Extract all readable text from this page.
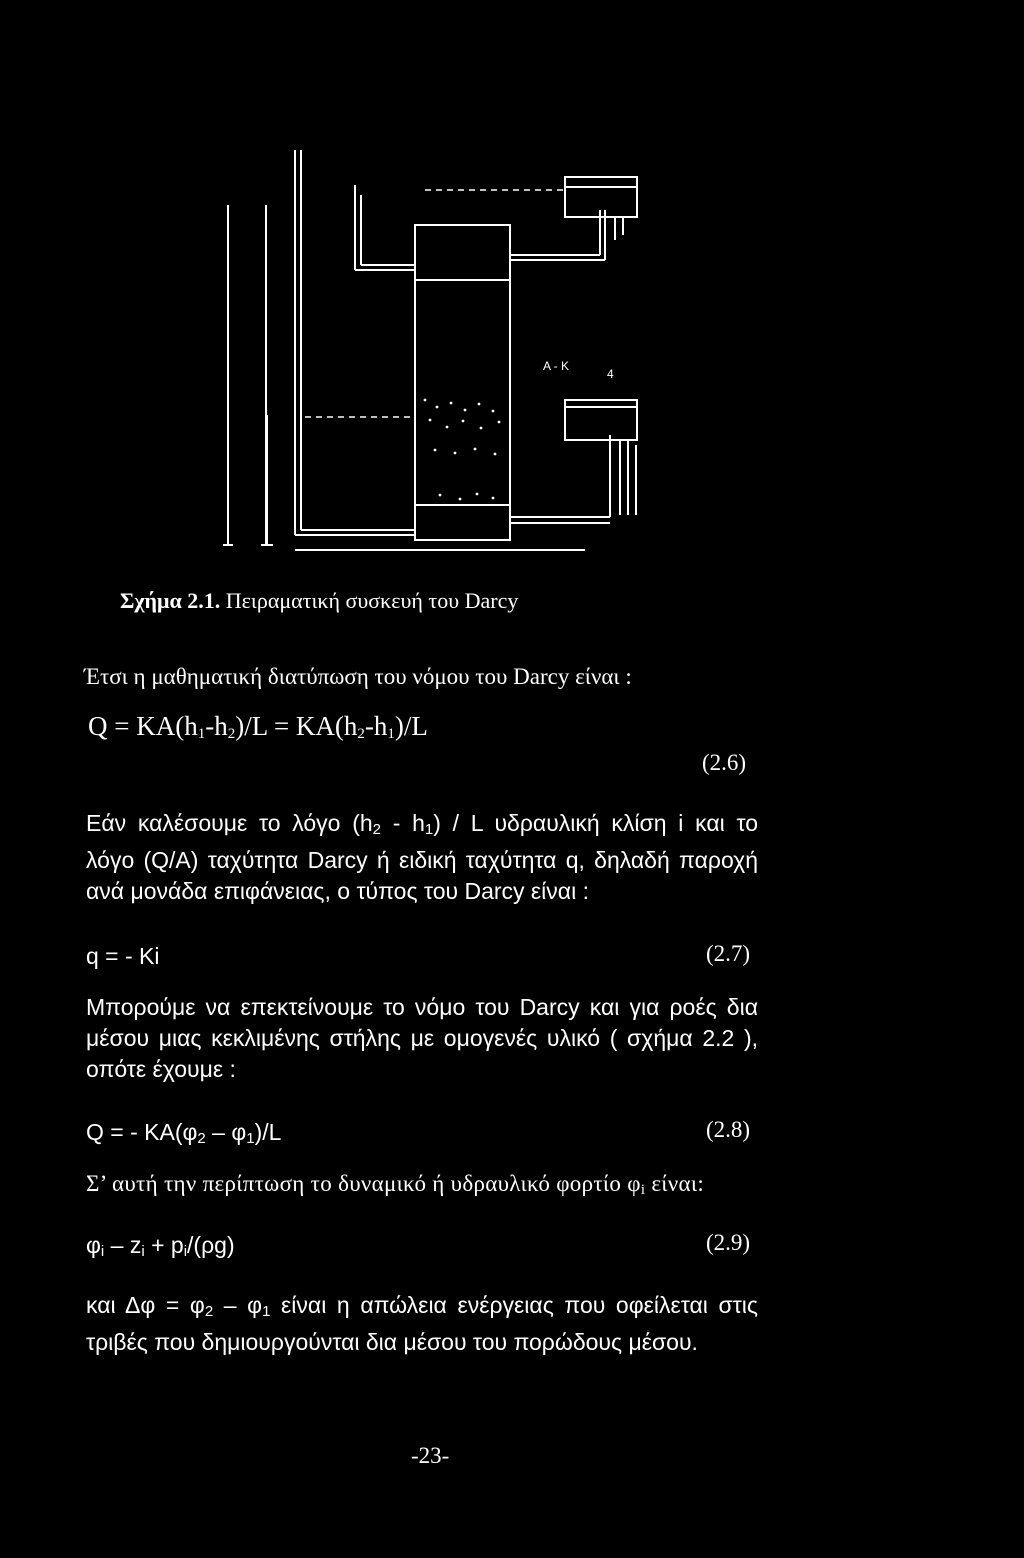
A - K
4
Σχήμα 2.1. Πειραματική συσκευή του Darcy
Έτσι η μαθηματική διατύπωση του νόμου του Darcy είναι :
$Q = KA(h_1-h_2)/L = KA(h_2-h_1)/L$
(2.6)
Εάν καλέσουμε το λόγο $(h_2 - h_1)$ / L υδραυλική κλίση i και το
λόγο (Q/A) ταχύτητα Darcy ή ειδική ταχύτητα q, δηλαδή παροχή
ανά μονάδα επιφάνειας, ο τύπος του Darcy είναι :
q = - Ki	(2.7)
Μπορούμε να επεκτείνουμε το νόμο του Darcy και για ροές δια
μέσου μιας κεκλιμένης στήλης με ομογενές υλικό ( σχήμα 2.2 ),
οπότε έχουμε :
Q = - $KA(\varphi_2 - \varphi_1)/L$	(2.8)
Σ’ αυτή την περίπτωση το δυναμικό ή υδραυλικό φορτίο $\varphi_i$ είναι:
$\varphi_i - z_i + p_i/(\rho g)$	(2.9)
και $\Delta\varphi = \varphi_2 - \varphi_1$ είναι η απώλεια ενέργειας που οφείλεται στις
τριβές που δημιουργούνται δια μέσου του πορώδους μέσου.
-23-
